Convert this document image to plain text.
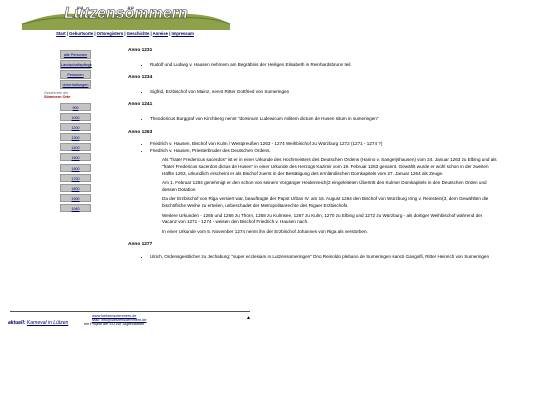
Lützensömmern
Start | Geburtsorte | Ortsregistern | Geschichte | Anreise | Impressum
alle Personen
Landschaftspflege
Personen
Unterhaltungen
Geschichte der
Sömmern Orte
900
1000
1200
1300
1400
1500
1600
1700
1800
1900
1940
Anno 1231
• Rudolf und Ludwig v. Hausen nehmem am Begräbnis der Heiligen Elisabeth in Reinhardsbrunn teil.
Anno 1234
• Sigfrid, Erzbischof von Mainz, nennt Ritter Gottfried von Sumeringen
Anno 1241
• Theodoricus Burggraf von Kirchberg nennt "dominum Ludewicum militem dictum de Husen situm in sumeringen"
Anno 1263
• Friedrich v. Hausen, Bischof von Kulm / Westpreußen 1263 - 1274 Weihbischof zu Würzburg 1272 (1271 - 1274 ?)
• Friedrich v. Hausen, Priesterbruder des Deutschen Ordens.

Als "frater Fredericus sacerdos" ist er in einer Urkunde des Hochmeisters des Deutschen Ordens (Hanno v. Sangerjshausen) vom 24. Januar 1263 zu Elbing und als "frater Fredericus sacerdos dictus de Husen" in einer Urkunde des Herzogs Kazimir vom 19. Februar 1263 genannt. Gewählt wurde er wohl schon in der zweiten Hälfte 1263, urkundlich erscheint er als Bischof zuerst in der Bestätigung des ermländischen Domkapitels vom 27. Januar 1264 als Zeuge.

Am 1. Februar 1264 genehmigt er den schon von seinem Vorgänger Heidenreich(2 eingeleiteten Übertritt des Kulmer Domkapitels in den Deutschen Orden und dessen Dotation.

Da der Erzbischof von Riga versiert war, beauftragte der Papst Urban IV. am 16. August 1264 den Bischof von Würzburg Iring v. Reinstein(3, dem Gewählten die bischöfliche Weihe zu erteilen, unbeschadet der Metropolitanrechte des Rigaer Erzbischofs.

Weitere Urkunden - 1265 und 1266 zu Thorn, 1268 zu Kulmsee, 1267 zu Kulm, 1270 zu Elbing und 1272 zu Würzburg - als dortiger Weihbischof während der Vacanz von 1271 - 1274 - weisen den Bischof Friedrich v. Hausen nach.

In einer Urkunde vom 5. November 1274 nennt ihn der Erzbischof Johannes von Riga als verstorben.

Anno 1277
• Ulrich, Ordensgeistlicher zu Jechaburg; "super ecclesiam in Lutzensomeringen" Dno Reinoldo plebano de Sumeringen sancti Gangolfi, Ritter Heinrich von Sumeringen
▲
aktuell: Karneval in Lützen
www.luetzensoemmern.de
Mail: info@luetzensoemmern.de
ein Projekt der EU zur Jugendarbeit
